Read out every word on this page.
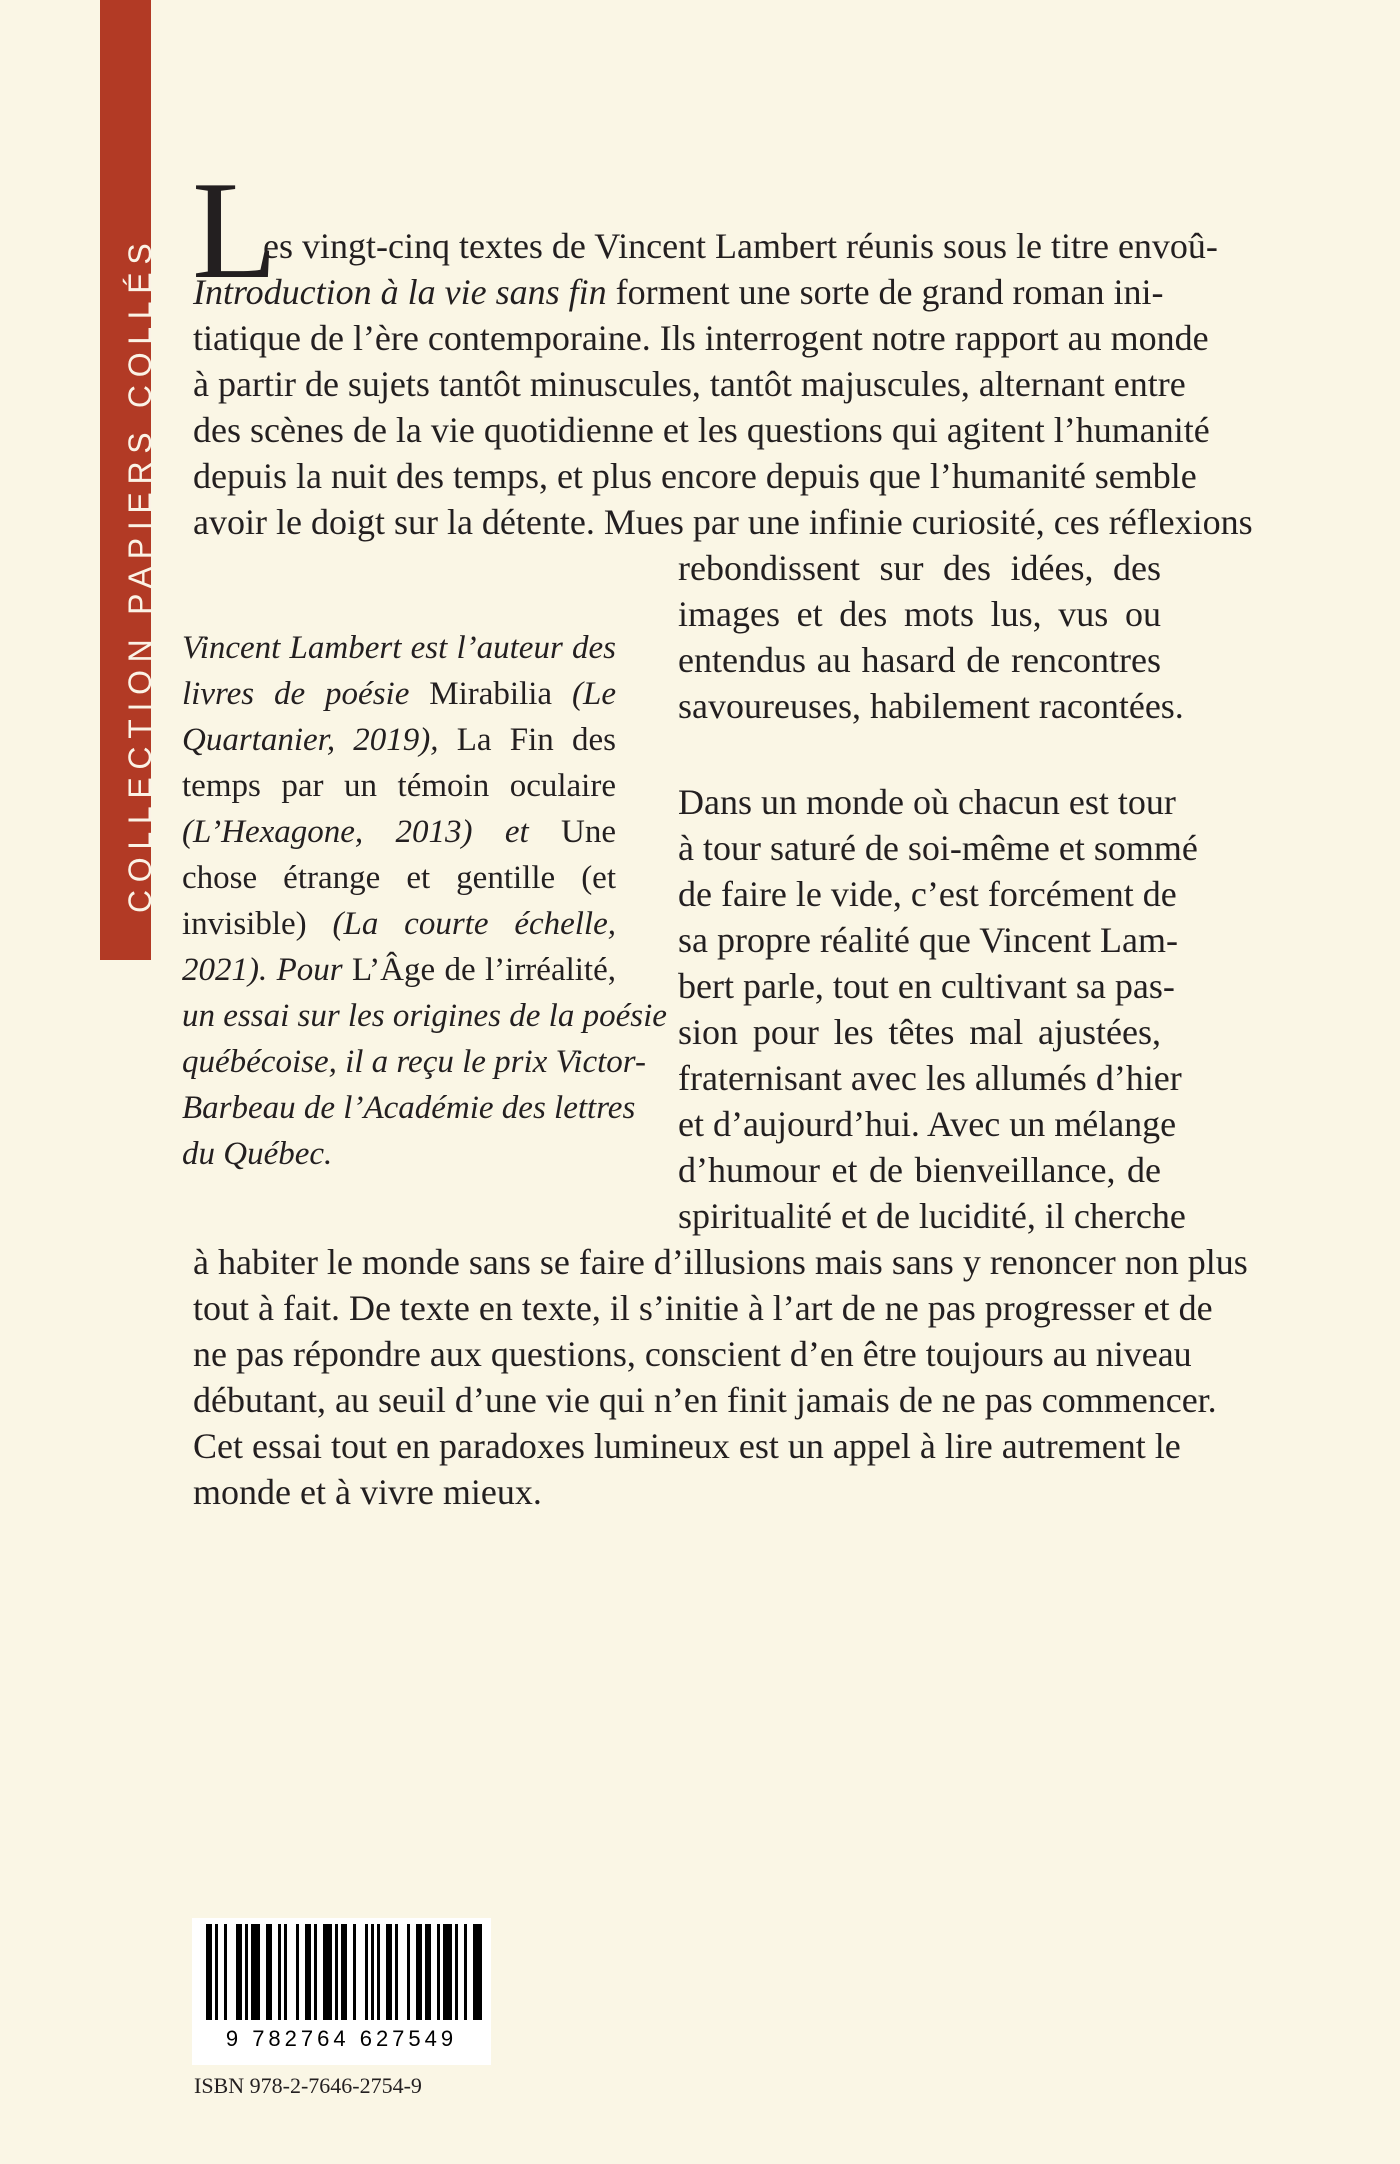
COLLECTION PAPIERS COLLÉS
L
es vingt-cinq textes de Vincent Lambert réunis sous le titre envoû-
Introduction à la vie sans fin forment une sorte de grand roman ini-
tiatique de l’ère contemporaine. Ils interrogent notre rapport au monde
à partir de sujets tantôt minuscules, tantôt majuscules, alternant entre
des scènes de la vie quotidienne et les questions qui agitent l’humanité
depuis la nuit des temps, et plus encore depuis que l’humanité semble
avoir le doigt sur la détente. Mues par une infinie curiosité, ces réflexions
rebondissent sur des idées, des
images et des mots lus, vus ou
entendus au hasard de rencontres
savoureuses, habilement racontées.
Vincent Lambert est l’auteur des
livres de poésie Mirabilia (Le
Quartanier, 2019), La Fin des
temps par un témoin oculaire
(L’Hexagone, 2013) et Une
chose étrange et gentille (et
invisible) (La courte échelle,
2021). Pour L’Âge de l’irréalité,
un essai sur les origines de la poésie
québécoise, il a reçu le prix Victor-
Barbeau de l’Académie des lettres
du Québec.
Dans un monde où chacun est tour
à tour saturé de soi-même et sommé
de faire le vide, c’est forcément de
sa propre réalité que Vincent Lam-
bert parle, tout en cultivant sa pas-
sion pour les têtes mal ajustées,
fraternisant avec les allumés d’hier
et d’aujourd’hui. Avec un mélange
d’humour et de bienveillance, de
spiritualité et de lucidité, il cherche
à habiter le monde sans se faire d’illusions mais sans y renoncer non plus
tout à fait. De texte en texte, il s’initie à l’art de ne pas progresser et de
ne pas répondre aux questions, conscient d’en être toujours au niveau
débutant, au seuil d’une vie qui n’en finit jamais de ne pas commencer.
Cet essai tout en paradoxes lumineux est un appel à lire autrement le
monde et à vivre mieux.
9 782764 627549
ISBN 978-2-7646-2754-9
